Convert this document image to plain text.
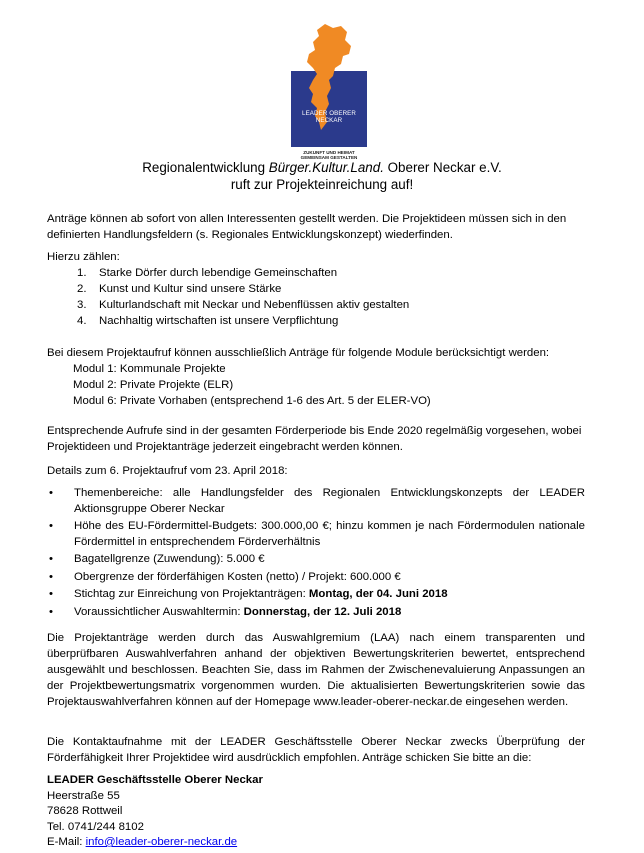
LEADER OBERER NECKAR
ZUKUNFT UND HEIMAT
GEMEINSAM GESTALTEN
Regionalentwicklung Bürger.Kultur.Land. Oberer Neckar e.V.
ruft zur Projekteinreichung auf!

Anträge können ab sofort von allen Interessenten gestellt werden. Die Projektideen müssen sich in den definierten Handlungsfeldern (s. Regionales Entwicklungskonzept) wiederfinden.

Hierzu zählen:

1. Starke Dörfer durch lebendige Gemeinschaften
2. Kunst und Kultur sind unsere Stärke
3. Kulturlandschaft mit Neckar und Nebenflüssen aktiv gestalten
4. Nachhaltig wirtschaften ist unsere Verpflichtung

Bei diesem Projektaufruf können ausschließlich Anträge für folgende Module berücksichtigt werden:

Modul 1: Kommunale Projekte
Modul 2: Private Projekte (ELR)
Modul 6: Private Vorhaben (entsprechend 1-6 des Art. 5 der ELER-VO)

Entsprechende Aufrufe sind in der gesamten Förderperiode bis Ende 2020 regelmäßig vorgesehen, wobei Projektideen und Projektanträge jederzeit eingebracht werden können.

Details zum 6. Projektaufruf vom 23. April 2018:

• Themenbereiche: alle Handlungsfelder des Regionalen Entwicklungskonzepts der LEADER Aktionsgruppe Oberer Neckar
• Höhe des EU-Fördermittel-Budgets: 300.000,00 €; hinzu kommen je nach Fördermodulen nationale Fördermittel in entsprechendem Förderverhältnis
• Bagatellgrenze (Zuwendung): 5.000 €
• Obergrenze der förderfähigen Kosten (netto) / Projekt: 600.000 €
• Stichtag zur Einreichung von Projektanträgen: Montag, der 04. Juni 2018
• Voraussichtlicher Auswahltermin: Donnerstag, der 12. Juli 2018

Die Projektanträge werden durch das Auswahlgremium (LAA) nach einem transparenten und überprüfbaren Auswahlverfahren anhand der objektiven Bewertungskriterien bewertet, entsprechend ausgewählt und beschlossen. Beachten Sie, dass im Rahmen der Zwischenevaluierung Anpassungen an der Projektbewertungsmatrix vorgenommen wurden. Die aktualisierten Bewertungskriterien sowie das Projektauswahlverfahren können auf der Homepage www.leader-oberer-neckar.de eingesehen werden.

Die Kontaktaufnahme mit der LEADER Geschäftsstelle Oberer Neckar zwecks Überprüfung der Förderfähigkeit Ihrer Projektidee wird ausdrücklich empfohlen. Anträge schicken Sie bitte an die:

LEADER Geschäftsstelle Oberer Neckar
Heerstraße 55
78628 Rottweil
Tel. 0741/244 8102
E-Mail: info@leader-oberer-neckar.de
